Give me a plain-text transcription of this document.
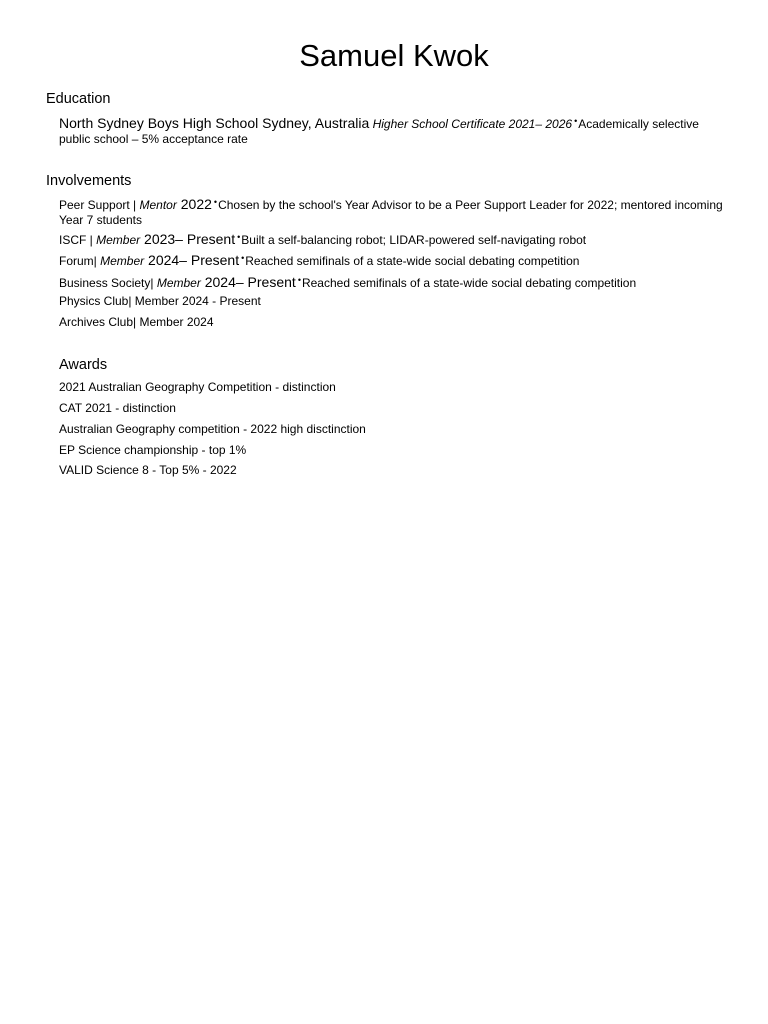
Samuel Kwok
Education
North Sydney Boys High School Sydney, Australia Higher School Certificate 2021– 2026 •Academically selective public school – 5% acceptance rate
Involvements
Peer Support | Mentor 2022 •Chosen by the school's Year Advisor to be a Peer Support Leader for 2022; mentored incoming Year 7 students
ISCF | Member 2023– Present •Built a self-balancing robot; LIDAR-powered self-navigating robot
Forum| Member 2024– Present •Reached semifinals of a state-wide social debating competition
Business Society| Member 2024– Present •Reached semifinals of a state-wide social debating competition
Physics Club| Member 2024 - Present
Archives Club| Member 2024
Awards
2021 Australian Geography Competition - distinction
CAT 2021 - distinction
Australian Geography competition - 2022 high disctinction
EP Science championship - top 1%
VALID Science 8 - Top 5% - 2022
